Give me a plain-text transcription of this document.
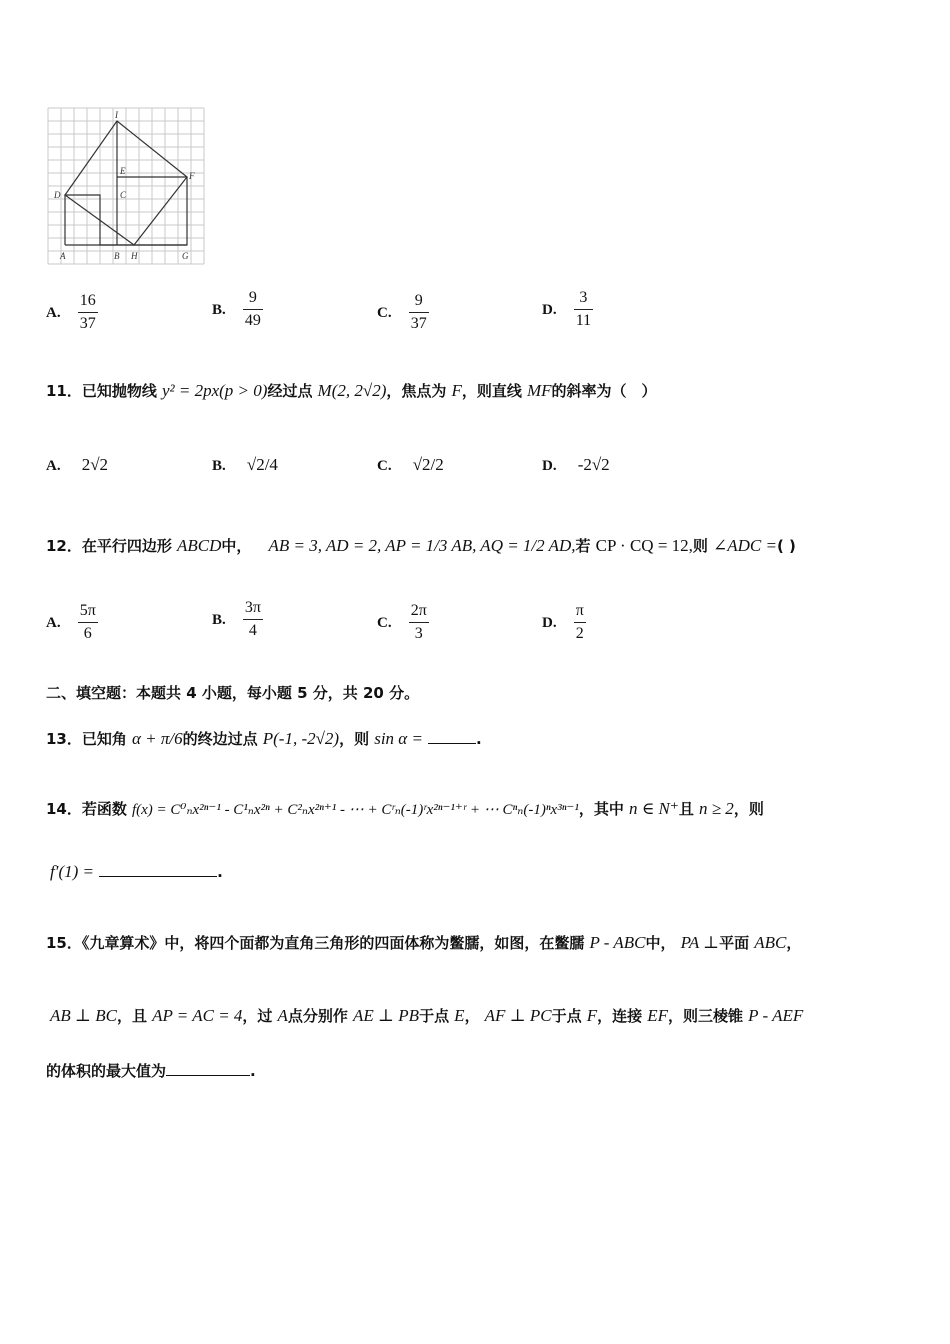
I
E	F
D	C
A	B H	G
A. $\frac{16}{37}$	B. $\frac{9}{49}$	C. $\frac{9}{37}$	D. $\frac{3}{11}$
11．已知抛物线 y² = 2px(p > 0)经过点 M(2, 2√2)，焦点为 F，则直线 MF的斜率为（　）
A. 2√2	B. √2/4	C. √2/2	D. -2√2
12．在平行四边形 ABCD中， AB = 3, AD = 2, AP = 1/3 AB, AQ = 1/2 AD,若 CP · CQ = 12,则 ∠ADC =( )
A. $\frac{5\pi}{6}$	B. $\frac{3\pi}{4}$	C. $\frac{2\pi}{3}$	D. $\frac{\pi}{2}$
二、填空题：本题共 4 小题，每小题 5 分，共 20 分。
13．已知角 α + π/6的终边过点 P(-1, -2√2)，则 sin α =	.
14．若函数 f(x) = C⁰ₙx²ⁿ⁻¹ - C¹ₙx²ⁿ + C²ₙx²ⁿ⁺¹ - ⋯ + Cʳₙ(-1)ʳx²ⁿ⁻¹⁺ʳ + ⋯ Cⁿₙ(-1)ⁿx³ⁿ⁻¹，其中 n ∈ N⁺且 n ≥ 2，则
f′(1) =	.
15．《九章算术》中，将四个面都为直角三角形的四面体称为鳖臑，如图，在鳖臑 P - ABC中， PA ⊥平面 ABC，
AB ⊥ BC，且 AP = AC = 4，过 A点分别作 AE ⊥ PB于点 E， AF ⊥ PC于点 F，连接 EF，则三棱锥 P - AEF
的体积的最大值为	.
